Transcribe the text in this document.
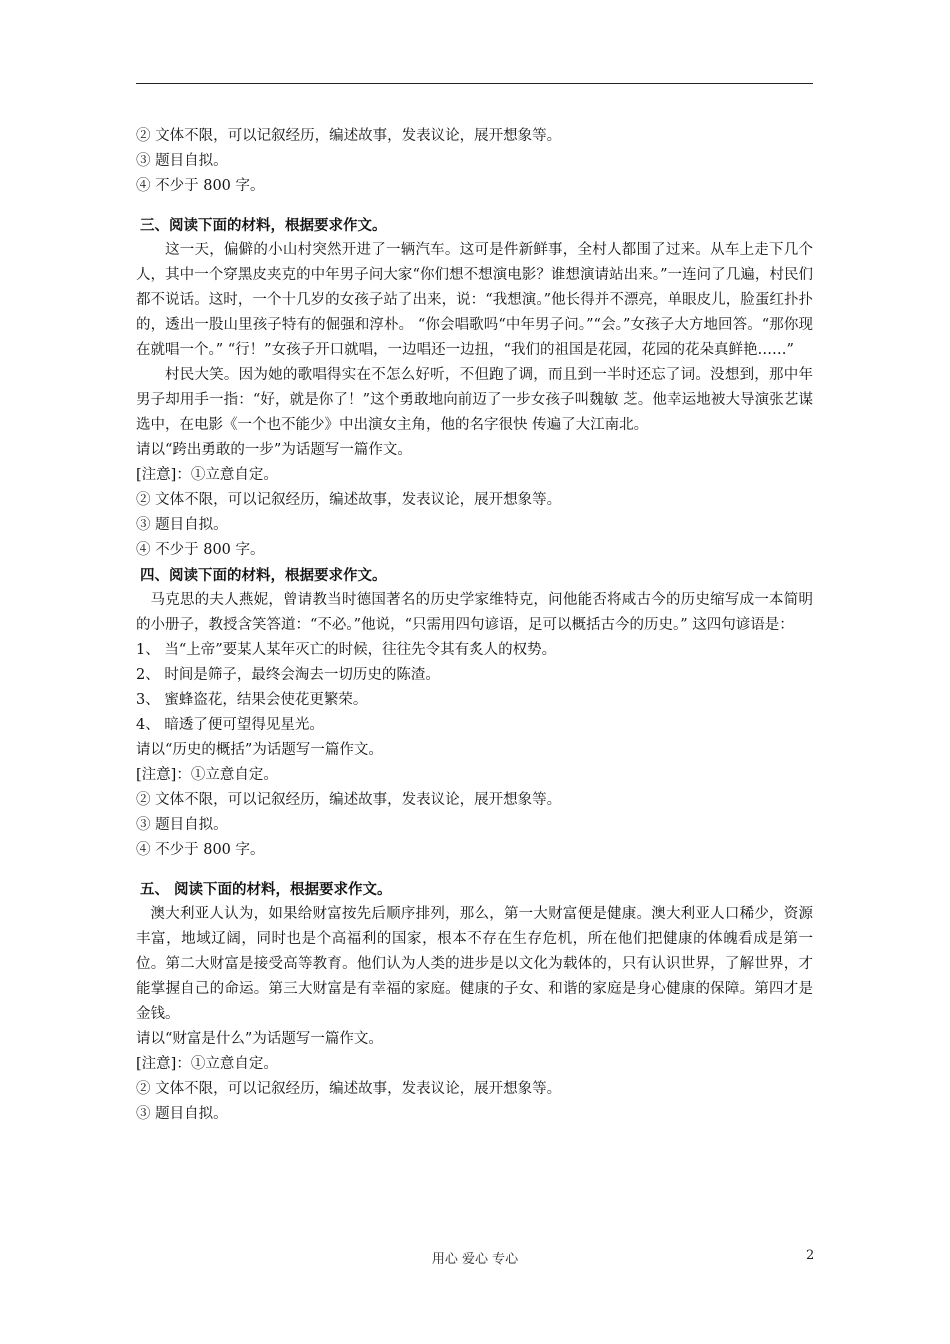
② 文体不限，可以记叙经历，编述故事，发表议论，展开想象等。
③ 题目自拟。
④ 不少于 800 字。
三、阅读下面的材料，根据要求作文。
这一天，偏僻的小山村突然开进了一辆汽车。这可是件新鲜事，全村人都围了过来。从车上走下几个人，其中一个穿黑皮夹克的中年男子问大家“你们想不想演电影？谁想演请站出来。”一连问了几遍，村民们都不说话。这时，一个十几岁的女孩子站了出来，说：“我想演。”他长得并不漂亮，单眼皮儿，脸蛋红扑扑的，透出一股山里孩子特有的倔强和淳朴。 “你会唱歌吗“中年男子问。”“会。”女孩子大方地回答。“那你现在就唱一个。” “行！”女孩子开口就唱，一边唱还一边扭，“我们的祖国是花园，花园的花朵真鲜艳……”
村民大笑。因为她的歌唱得实在不怎么好听，不但跑了调，而且到一半时还忘了词。没想到，那中年男子却用手一指：“好，就是你了！”这个勇敢地向前迈了一步女孩子叫魏敏 芝。他幸运地被大导演张艺谋选中，在电影《一个也不能少》中出演女主角，他的名字很快 传遍了大江南北。
请以“跨出勇敢的一步”为话题写一篇作文。
[注意]：①立意自定。
② 文体不限，可以记叙经历，编述故事，发表议论，展开想象等。
③ 题目自拟。
④ 不少于 800 字。
四、阅读下面的材料，根据要求作文。
马克思的夫人燕妮，曾请教当时德国著名的历史学家维特克，问他能否将咸古今的历史缩写成一本简明的小册子，教授含笑答道：“不必。”他说，“只需用四句谚语，足可以概括古今的历史。” 这四句谚语是：
1、 当“上帝”要某人某年灭亡的时候，往往先令其有炙人的权势。
2、 时间是筛子，最终会淘去一切历史的陈渣。
3、 蜜蜂盗花，结果会使花更繁荣。
4、 暗透了便可望得见星光。
请以“历史的概括”为话题写一篇作文。
[注意]：①立意自定。
② 文体不限，可以记叙经历，编述故事，发表议论，展开想象等。
③ 题目自拟。
④ 不少于 800 字。
五、 阅读下面的材料，根据要求作文。
澳大利亚人认为，如果给财富按先后顺序排列，那么，第一大财富便是健康。澳大利亚人口稀少，资源丰富，地域辽阔，同时也是个高福利的国家，根本不存在生存危机，所在他们把健康的体魄看成是第一位。第二大财富是接受高等教育。他们认为人类的进步是以文化为载体的，只有认识世界，了解世界，才能掌握自己的命运。第三大财富是有幸福的家庭。健康的子女、和谐的家庭是身心健康的保障。第四才是金钱。
请以“财富是什么”为话题写一篇作文。
[注意]：①立意自定。
② 文体不限，可以记叙经历，编述故事，发表议论，展开想象等。
③ 题目自拟。
用心 爱心 专心	2
